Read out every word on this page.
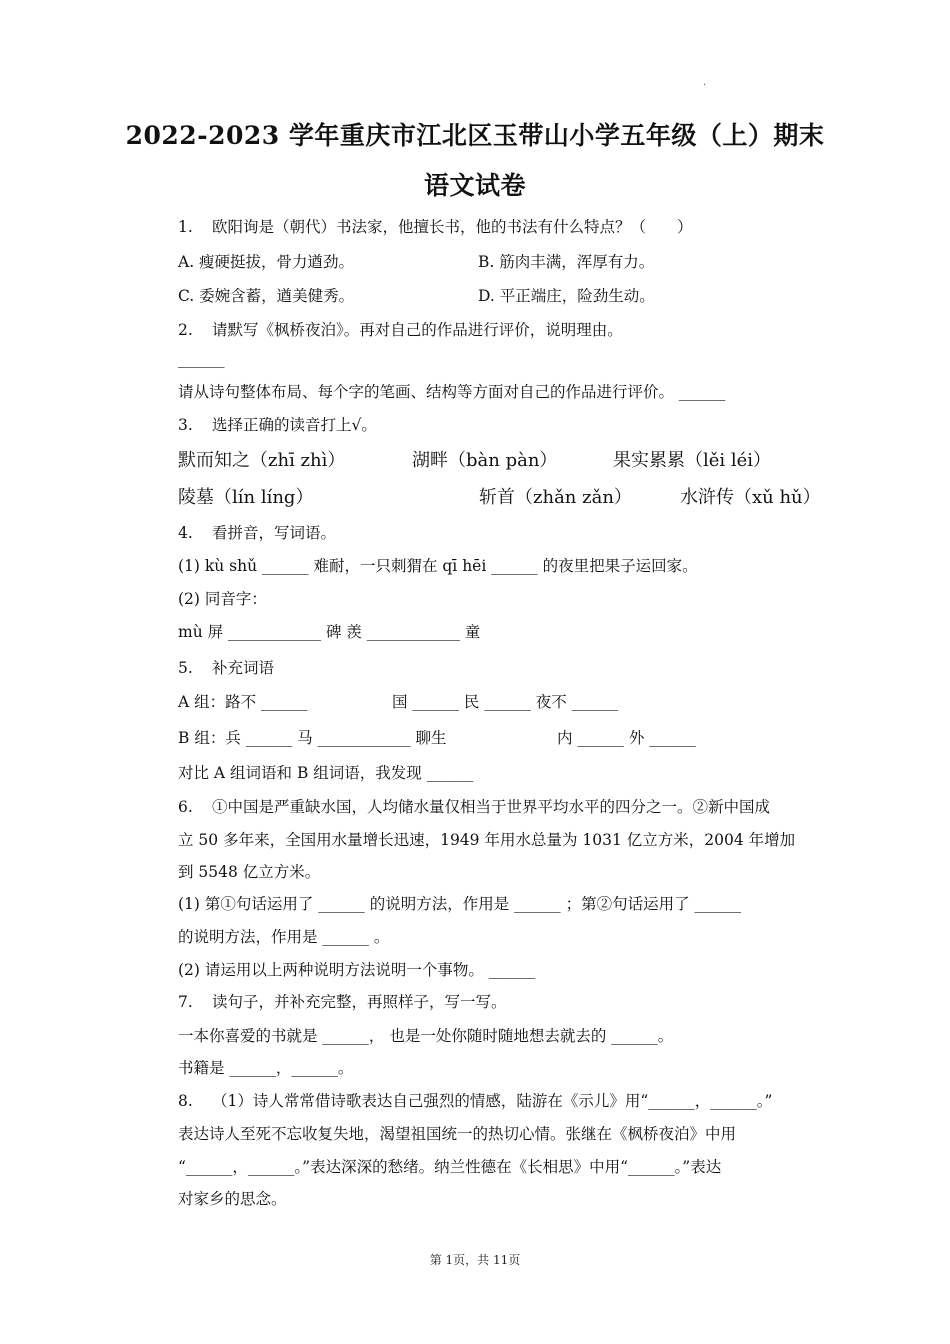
·
2022-2023 学年重庆市江北区玉带山小学五年级（上）期末
语文试卷
1. 欧阳询是（朝代）书法家，他擅长书，他的书法有什么特点？（　　）
A. 瘦硬挺拔，骨力遒劲。	B. 筋肉丰满，浑厚有力。
C. 委婉含蓄，遒美健秀。	D. 平正端庄，险劲生动。
2. 请默写《枫桥夜泊》。再对自己的作品进行评价，说明理由。
______
请从诗句整体布局、每个字的笔画、结构等方面对自己的作品进行评价。 ______
3. 选择正确的读音打上√。
默而知之（zhī zhì）	湖畔（bàn pàn）	果实累累（lěi léi）
陵墓（lín líng）	斩首（zhǎn zǎn）	水浒传（xǔ hǔ）
4. 看拼音，写词语。
(1) kù shǔ ______ 难耐，一只刺猬在 qī hēi ______ 的夜里把果子运回家。
(2) 同音字：
mù 屏 ____________ 碑 羡 ____________ 童
5. 补充词语
A 组：路不 ______	国 ______ 民 ______ 夜不 ______
B 组：兵 ______ 马 ____________ 聊生	内 ______ 外 ______
对比 A 组词语和 B 组词语，我发现 ______
6. ①中国是严重缺水国，人均储水量仅相当于世界平均水平的四分之一。②新中国成
立 50 多年来，全国用水量增长迅速，1949 年用水总量为 1031 亿立方米，2004 年增加
到 5548 亿立方米。
(1) 第①句话运用了 ______ 的说明方法，作用是 ______ ；第②句话运用了 ______
的说明方法，作用是 ______ 。
(2) 请运用以上两种说明方法说明一个事物。 ______
7. 读句子，并补充完整，再照样子，写一写。
一本你喜爱的书就是 ______， 也是一处你随时随地想去就去的 ______。
书籍是 ______，______。
8. （1）诗人常常借诗歌表达自己强烈的情感，陆游在《示儿》用“______，______。”
表达诗人至死不忘收复失地，渴望祖国统一的热切心情。张继在《枫桥夜泊》中用
“______，______。”表达深深的愁绪。纳兰性德在《长相思》中用“______。”表达
对家乡的思念。
第 1页，共 11页
